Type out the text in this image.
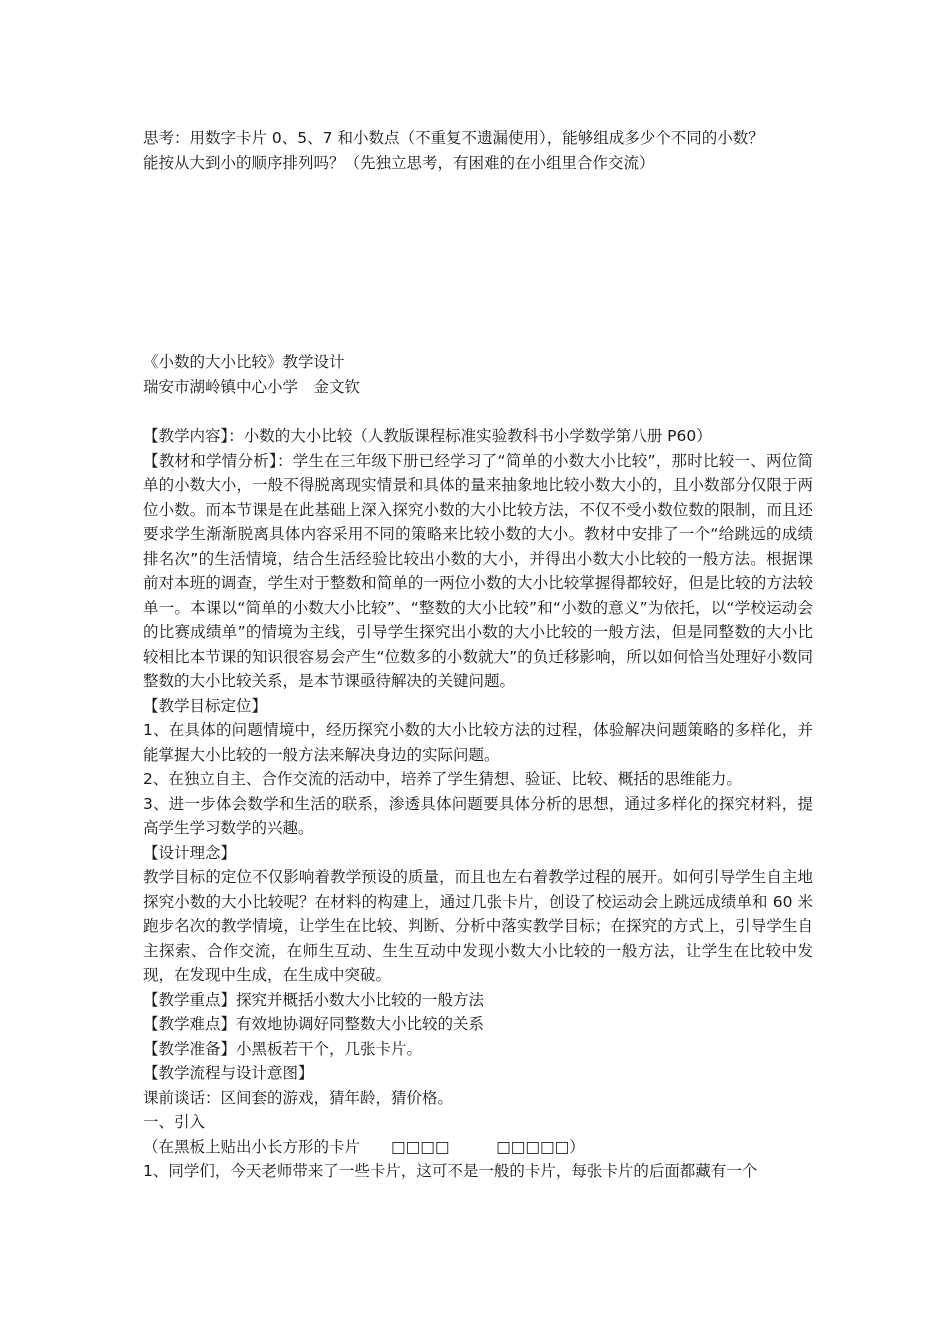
思考：用数字卡片 0、5、7 和小数点（不重复不遗漏使用），能够组成多少个不同的小数？

能按从大到小的顺序排列吗？（先独立思考，有困难的在小组里合作交流）

《小数的大小比较》教学设计

瑞安市湖岭镇中心小学　金文钦

【教学内容】：小数的大小比较（人教版课程标准实验教科书小学数学第八册 P60）

【教材和学情分析】：学生在三年级下册已经学习了“简单的小数大小比较”，那时比较一、两位简单的小数大小，一般不得脱离现实情景和具体的量来抽象地比较小数大小的，且小数部分仅限于两位小数。而本节课是在此基础上深入探究小数的大小比较方法，不仅不受小数位数的限制，而且还要求学生渐渐脱离具体内容采用不同的策略来比较小数的大小。教材中安排了一个“给跳远的成绩排名次”的生活情境，结合生活经验比较出小数的大小，并得出小数大小比较的一般方法。根据课前对本班的调查，学生对于整数和简单的一两位小数的大小比较掌握得都较好，但是比较的方法较单一。本课以“简单的小数大小比较”、“整数的大小比较”和“小数的意义”为依托，以“学校运动会的比赛成绩单”的情境为主线，引导学生探究出小数的大小比较的一般方法，但是同整数的大小比较相比本节课的知识很容易会产生“位数多的小数就大”的负迁移影响，所以如何恰当处理好小数同整数的大小比较关系，是本节课亟待解决的关键问题。

【教学目标定位】

1、在具体的问题情境中，经历探究小数的大小比较方法的过程，体验解决问题策略的多样化，并能掌握大小比较的一般方法来解决身边的实际问题。

2、在独立自主、合作交流的活动中，培养了学生猜想、验证、比较、概括的思维能力。

3、进一步体会数学和生活的联系，渗透具体问题要具体分析的思想，通过多样化的探究材料，提高学生学习数学的兴趣。

【设计理念】

教学目标的定位不仅影响着教学预设的质量，而且也左右着教学过程的展开。如何引导学生自主地探究小数的大小比较呢？在材料的构建上，通过几张卡片，创设了校运动会上跳远成绩单和 60 米跑步名次的教学情境，让学生在比较、判断、分析中落实教学目标；在探究的方式上，引导学生自主探索、合作交流，在师生互动、生生互动中发现小数大小比较的一般方法，让学生在比较中发现，在发现中生成，在生成中突破。

【教学重点】探究并概括小数大小比较的一般方法

【教学难点】有效地协调好同整数大小比较的关系

【教学准备】小黑板若干个，几张卡片。

【教学流程与设计意图】

课前谈话：区间套的游戏，猜年龄，猜价格。

一、引入

（在黑板上贴出小长方形的卡片　　□□□□　　　□□□□□）

1、同学们，今天老师带来了一些卡片，这可不是一般的卡片，每张卡片的后面都藏有一个
